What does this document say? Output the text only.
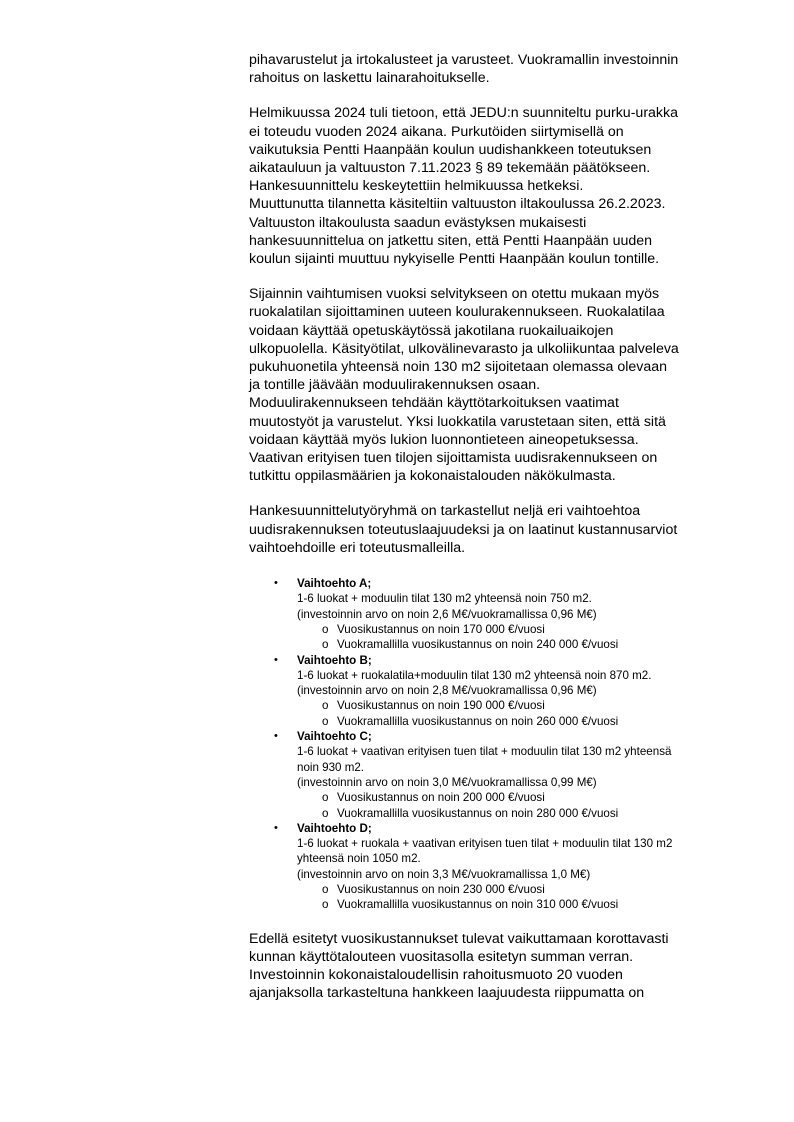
pihavarustelut ja irtokalusteet ja varusteet. Vuokramallin investoinnin
rahoitus on laskettu lainarahoitukselle.

Helmikuussa 2024 tuli tietoon, että JEDU:n suunniteltu purku-urakka
ei toteudu vuoden 2024 aikana. Purkutöiden siirtymisellä on
vaikutuksia Pentti Haanpään koulun uudishankkeen toteutuksen
aikatauluun ja valtuuston 7.11.2023 § 89 tekemään päätökseen.
Hankesuunnittelu keskeytettiin helmikuussa hetkeksi.
Muuttunutta tilannetta käsiteltiin valtuuston iltakoulussa 26.2.2023.
Valtuuston iltakoulusta saadun evästyksen mukaisesti
hankesuunnittelua on jatkettu siten, että Pentti Haanpään uuden
koulun sijainti muuttuu nykyiselle Pentti Haanpään koulun tontille.

Sijainnin vaihtumisen vuoksi selvitykseen on otettu mukaan myös
ruokalatilan sijoittaminen uuteen koulurakennukseen. Ruokalatilaa
voidaan käyttää opetuskäytössä jakotilana ruokailuaikojen
ulkopuolella. Käsityötilat, ulkovälinevarasto ja ulkoliikuntaa palveleva
pukuhuonetila yhteensä noin 130 m2 sijoitetaan olemassa olevaan
ja tontille jäävään moduulirakennuksen osaan.
Moduulirakennukseen tehdään käyttötarkoituksen vaatimat
muutostyöt ja varustelut. Yksi luokkatila varustetaan siten, että sitä
voidaan käyttää myös lukion luonnontieteen aineopetuksessa.
Vaativan erityisen tuen tilojen sijoittamista uudisrakennukseen on
tutkittu oppilasmäärien ja kokonaistalouden näkökulmasta.

Hankesuunnittelutyöryhmä on tarkastellut neljä eri vaihtoehtoa
uudisrakennuksen toteutuslaajuudeksi ja on laatinut kustannusarviot
vaihtoehdoille eri toteutusmalleilla.

• Vaihtoehto A;
1-6 luokat + moduulin tilat 130 m2 yhteensä noin 750 m2.
(investoinnin arvo on noin 2,6 M€/vuokramallissa 0,96 M€)
o Vuosikustannus on noin 170 000 €/vuosi
o Vuokramallilla vuosikustannus on noin 240 000 €/vuosi
• Vaihtoehto B;
1-6 luokat + ruokalatila+moduulin tilat 130 m2 yhteensä noin 870 m2.
(investoinnin arvo on noin 2,8 M€/vuokramallissa 0,96 M€)
o Vuosikustannus on noin 190 000 €/vuosi
o Vuokramallilla vuosikustannus on noin 260 000 €/vuosi
• Vaihtoehto C;
1-6 luokat + vaativan erityisen tuen tilat + moduulin tilat 130 m2 yhteensä
noin 930 m2.
(investoinnin arvo on noin 3,0 M€/vuokramallissa 0,99 M€)
o Vuosikustannus on noin 200 000 €/vuosi
o Vuokramallilla vuosikustannus on noin 280 000 €/vuosi
• Vaihtoehto D;
1-6 luokat + ruokala + vaativan erityisen tuen tilat + moduulin tilat 130 m2
yhteensä noin 1050 m2.
(investoinnin arvo on noin 3,3 M€/vuokramallissa 1,0 M€)
o Vuosikustannus on noin 230 000 €/vuosi
o Vuokramallilla vuosikustannus on noin 310 000 €/vuosi

Edellä esitetyt vuosikustannukset tulevat vaikuttamaan korottavasti
kunnan käyttötalouteen vuositasolla esitetyn summan verran.
Investoinnin kokonaistaloudellisin rahoitusmuoto 20 vuoden
ajanjaksolla tarkasteltuna hankkeen laajuudesta riippumatta on
